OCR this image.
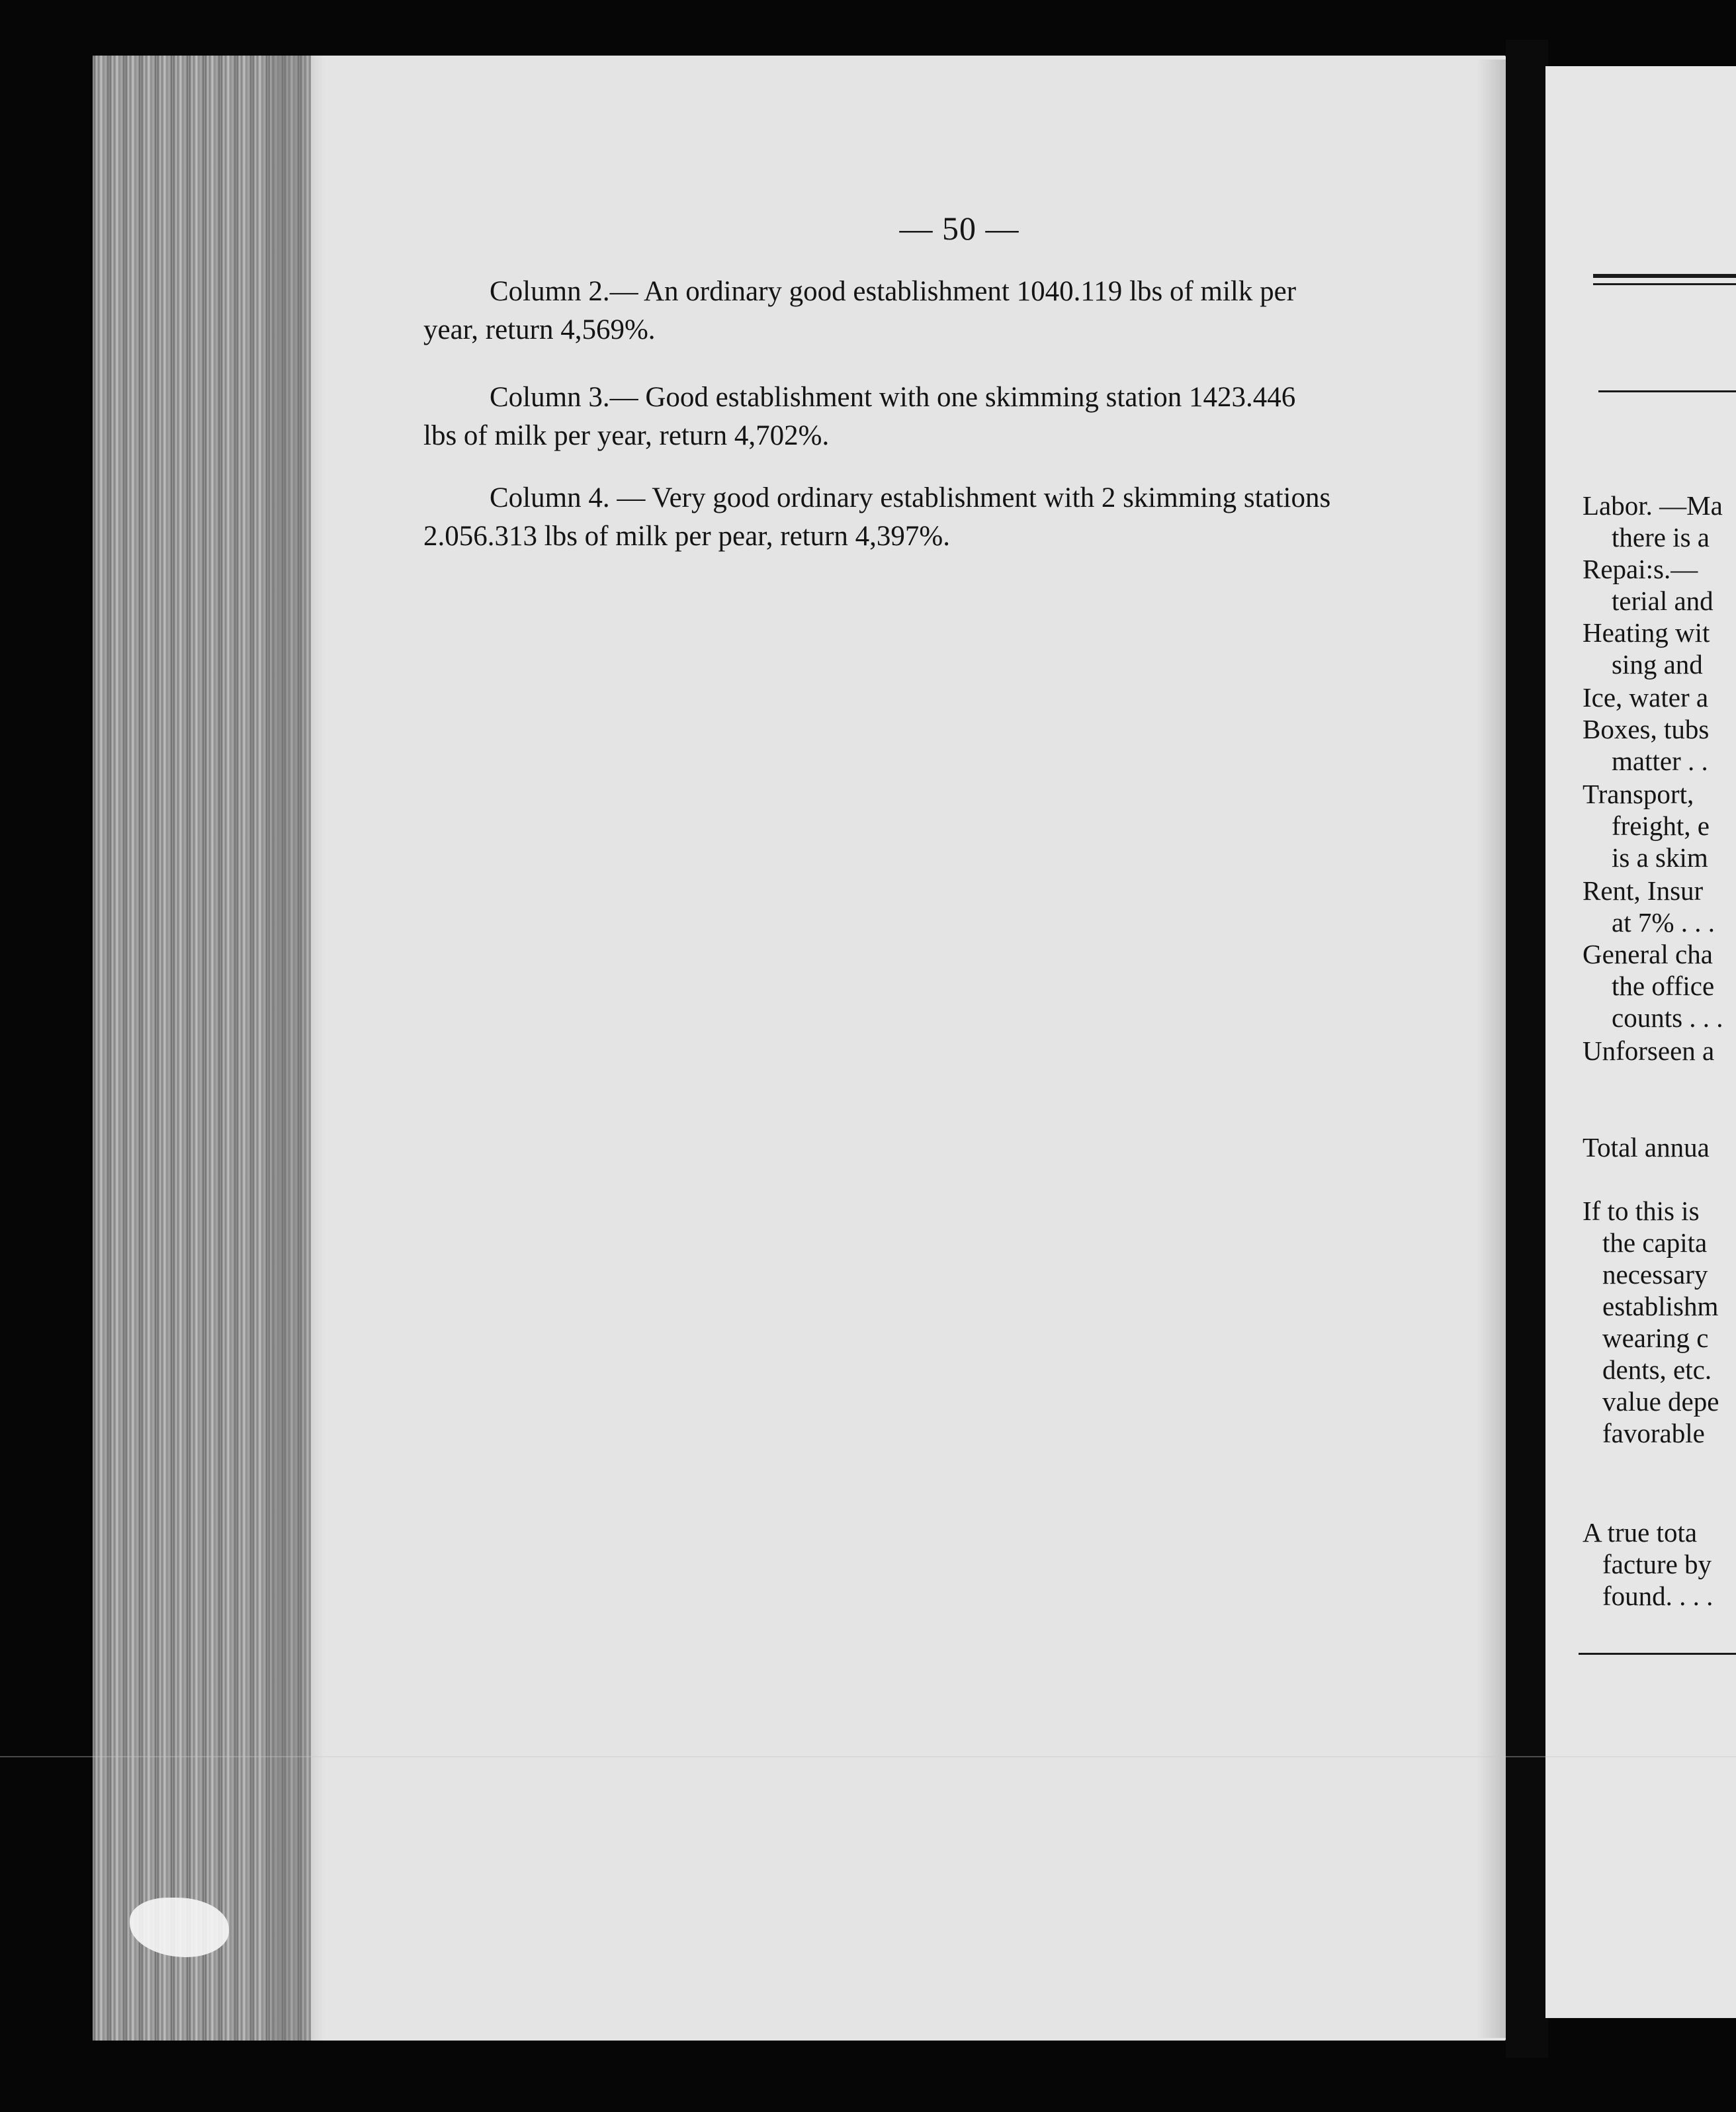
— 50 —
Column 2.— An ordinary good establishment 1040.119 lbs of milk per
year, return 4,569%.
Column 3.— Good establishment with one skimming station 1423.446
lbs of milk per year, return 4,702%.
Column 4. — Very good ordinary establishment with 2 skimming stations
2.056.313 lbs of milk per pear, return 4,397%.
Labor. —Ma
there is a
Repai:s.—
terial and
Heating wit
sing and
Ice, water a
Boxes, tubs
matter . .
Transport,
freight, e
is a skim
Rent, Insur
at 7% . . .
General cha
the office
counts . . .
Unforseen a
Total annua
If to this is
the capita
necessary
establishm
wearing c
dents, etc.
value depe
favorable
A true tota
facture by
found. . . .
